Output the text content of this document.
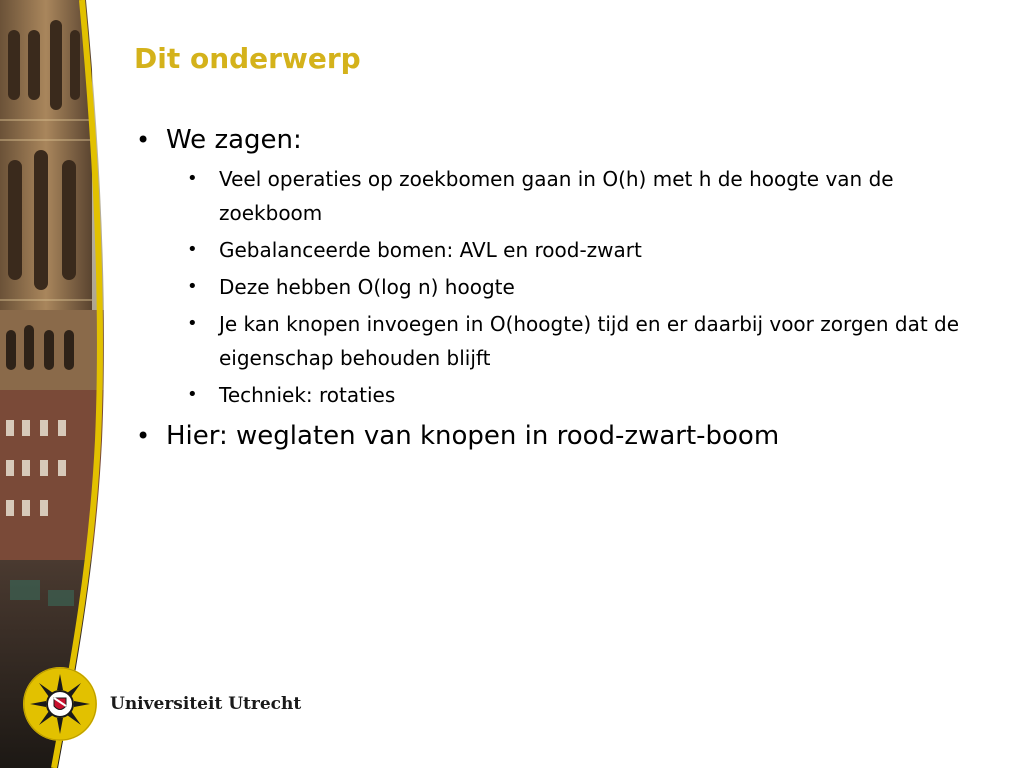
Dit onderwerp
• We zagen:
• Veel operaties op zoekbomen gaan in O(h) met h de hoogte van de zoekboom
• Gebalanceerde bomen: AVL en rood-zwart
• Deze hebben O(log n) hoogte
• Je kan knopen invoegen in O(hoogte) tijd en er daarbij voor zorgen dat de eigenschap behouden blijft
• Techniek: rotaties
• Hier: weglaten van knopen in rood-zwart-boom
Universiteit Utrecht
